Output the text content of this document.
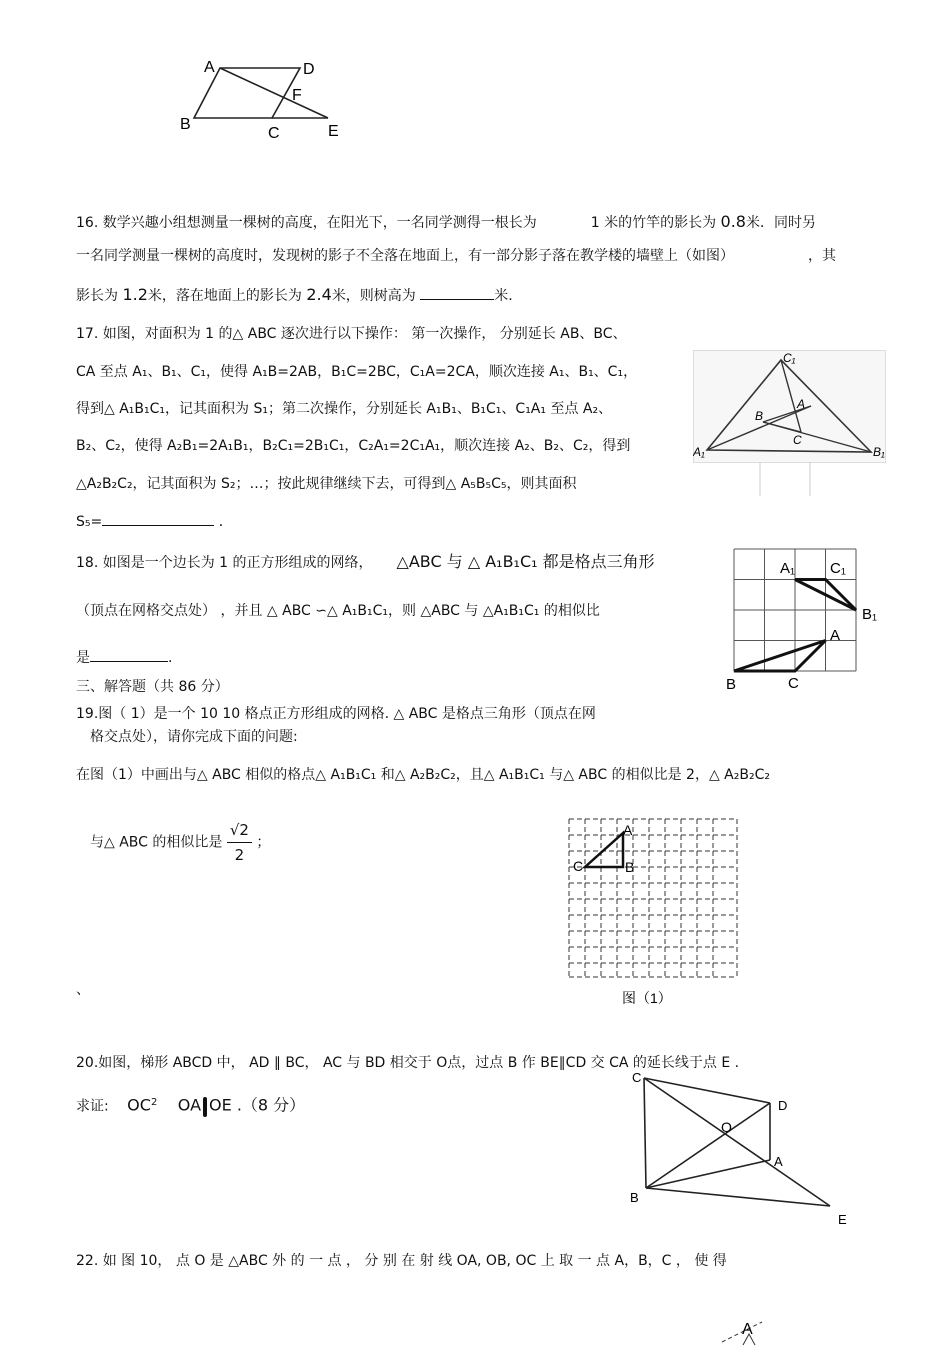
A	D
F
B
C	E
16. 数学兴趣小组想测量一棵树的高度，在阳光下，一名同学测得一根长为	1 米的竹竿的影长为 0.8米．同时另
一名同学测量一棵树的高度时，发现树的影子不全落在地面上，有一部分影子落在教学楼的墙壁上（如图）	，其
影长为 1.2米，落在地面上的影长为 2.4米，则树高为	米.
17. 如图，对面积为 1 的△ ABC 逐次进行以下操作： 第一次操作， 分别延长 AB、BC、
CA 至点 A₁、B₁、C₁，使得 A₁B=2AB，B₁C=2BC，C₁A=2CA，顺次连接 A₁、B₁、C₁，
得到△ A₁B₁C₁，记其面积为 S₁；第二次操作，分别延长 A₁B₁、B₁C₁、C₁A₁ 至点 A₂、
B₂、C₂，使得 A₂B₁=2A₁B₁，B₂C₁=2B₁C₁，C₂A₁=2C₁A₁，顺次连接 A₂、B₂、C₂，得到
△A₂B₂C₂，记其面积为 S₂；…；按此规律继续下去，可得到△ A₅B₅C₅，则其面积
S₅=	．
C₁
A
B
C
A₁	B₁
18. 如图是一个边长为 1 的正方形组成的网络， △ABC 与 △ A₁B₁C₁ 都是格点三角形
（顶点在网格交点处） ，并且 △ ABC ∽△ A₁B₁C₁，则 △ABC 与 △A₁B₁C₁ 的相似比
是	.
A₁ C₁
B₁
A
B	C
三、解答题（共 86 分）
19.图（ 1）是一个 10 10 格点正方形组成的网格. △ ABC 是格点三角形（顶点在网
格交点处），请你完成下面的问题:
在图（1）中画出与△ ABC 相似的格点△ A₁B₁C₁ 和△ A₂B₂C₂，且△ A₁B₁C₁ 与△ ABC 的相似比是 2，△ A₂B₂C₂
与△ ABC 的相似比是 $\frac{√2}{2}$ ；
、
A
C	B
图（1）
20.如图，梯形 ABCD 中， AD ∥ BC， AC 与 BD 相交于 O点，过点 B 作 BE∥CD 交 CA 的延长线于点 E .
求证: $OC^2$ OA OE .（8 分）
C
D
O
A
B
E
22. 如 图 10， 点 O 是 △ABC 外 的 一 点 ， 分 别 在 射 线 OA, OB, OC 上 取 一 点 A，B，C ， 使 得
A
